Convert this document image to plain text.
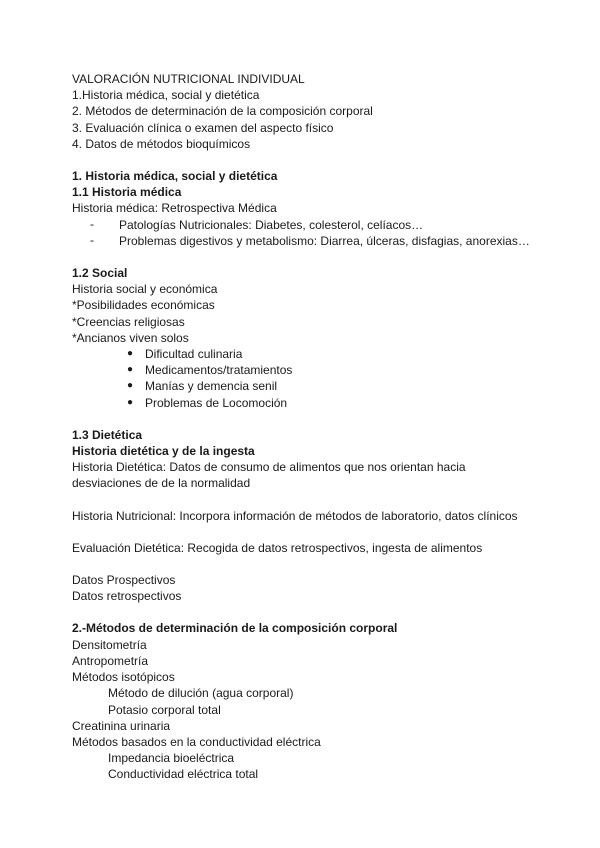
VALORACIÓN NUTRICIONAL INDIVIDUAL
1.Historia médica, social y dietética
2. Métodos de determinación de la composición corporal
3. Evaluación clínica o examen del aspecto físico
4. Datos de métodos bioquímicos
1. Historia médica, social y dietética
1.1 Historia médica
Historia médica: Retrospectiva Médica
-	Patologías Nutricionales: Diabetes, colesterol, celíacos…
-	Problemas digestivos y metabolismo: Diarrea, úlceras, disfagias, anorexias…
1.2 Social
Historia social y económica
*Posibilidades económicas
*Creencias religiosas
*Ancianos viven solos
● Dificultad culinaria
● Medicamentos/tratamientos
● Manías y demencia senil
● Problemas de Locomoción
1.3 Dietética
Historia dietética y de la ingesta
Historia Dietética: Datos de consumo de alimentos que nos orientan hacia
desviaciones de de la normalidad
Historia Nutricional: Incorpora información de métodos de laboratorio, datos clínicos
Evaluación Dietética: Recogida de datos retrospectivos, ingesta de alimentos
Datos Prospectivos
Datos retrospectivos
2.-Métodos de determinación de la composición corporal
Densitometría
Antropometría
Métodos isotópicos
Método de dilución (agua corporal)
Potasio corporal total
Creatinina urinaria
Métodos basados en la conductividad eléctrica
Impedancia bioeléctrica
Conductividad eléctrica total
